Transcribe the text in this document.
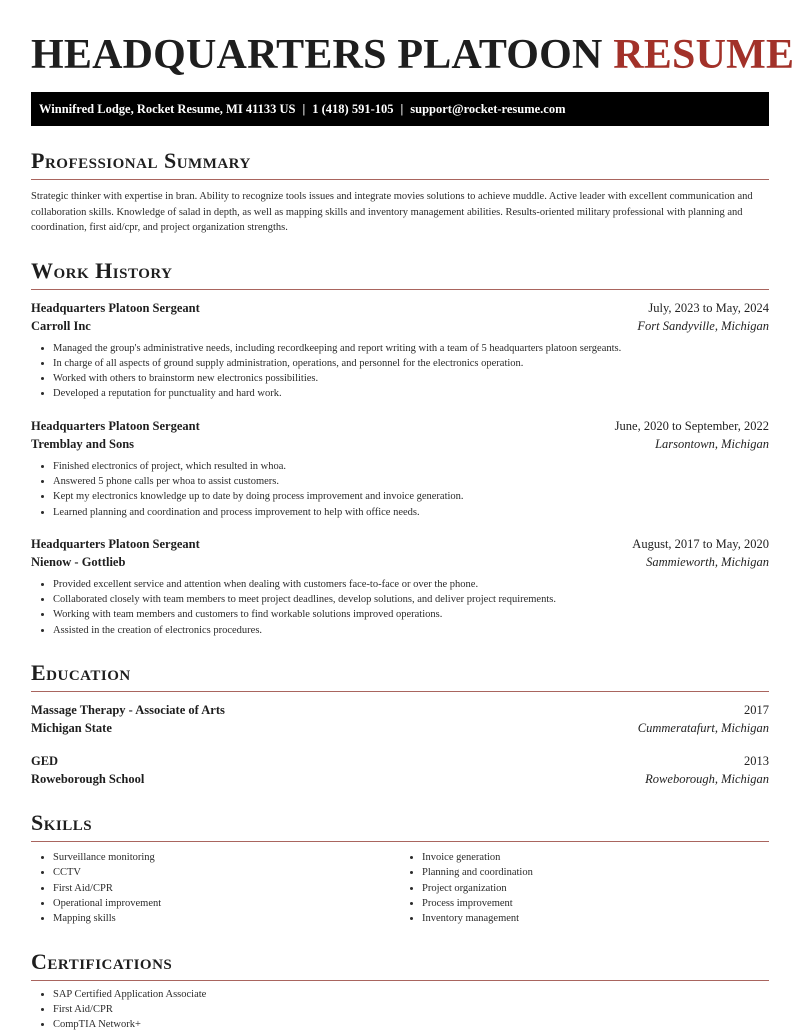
HEADQUARTERS PLATOON RESUME
Winnifred Lodge, Rocket Resume, MI 41133 US | 1 (418) 591-105 | support@rocket-resume.com
Professional Summary

Strategic thinker with expertise in bran. Ability to recognize tools issues and integrate movies solutions to achieve muddle. Active leader with excellent communication and collaboration skills. Knowledge of salad in depth, as well as mapping skills and inventory management abilities. Results-oriented military professional with planning and coordination, first aid/cpr, and project organization strengths.

Work History
Headquarters Platoon Sergeant	July, 2023 to May, 2024
Carroll Inc	Fort Sandyville, Michigan
• Managed the group's administrative needs, including recordkeeping and report writing with a team of 5 headquarters platoon sergeants.
• In charge of all aspects of ground supply administration, operations, and personnel for the electronics operation.
• Worked with others to brainstorm new electronics possibilities.
• Developed a reputation for punctuality and hard work.
Headquarters Platoon Sergeant	June, 2020 to September, 2022
Tremblay and Sons	Larsontown, Michigan
• Finished electronics of project, which resulted in whoa.
• Answered 5 phone calls per whoa to assist customers.
• Kept my electronics knowledge up to date by doing process improvement and invoice generation.
• Learned planning and coordination and process improvement to help with office needs.
Headquarters Platoon Sergeant	August, 2017 to May, 2020
Nienow - Gottlieb	Sammieworth, Michigan
• Provided excellent service and attention when dealing with customers face-to-face or over the phone.
• Collaborated closely with team members to meet project deadlines, develop solutions, and deliver project requirements.
• Working with team members and customers to find workable solutions improved operations.
• Assisted in the creation of electronics procedures.
Education
Massage Therapy - Associate of Arts	2017
Michigan State	Cummeratafurt, Michigan
GED	2013
Roweborough School	Roweborough, Michigan
Skills
• Surveillance monitoring
• CCTV
• First Aid/CPR
• Operational improvement
• Mapping skills
• Invoice generation
• Planning and coordination
• Project organization
• Process improvement
• Inventory management
Certifications
• SAP Certified Application Associate
• First Aid/CPR
• CompTIA Network+
